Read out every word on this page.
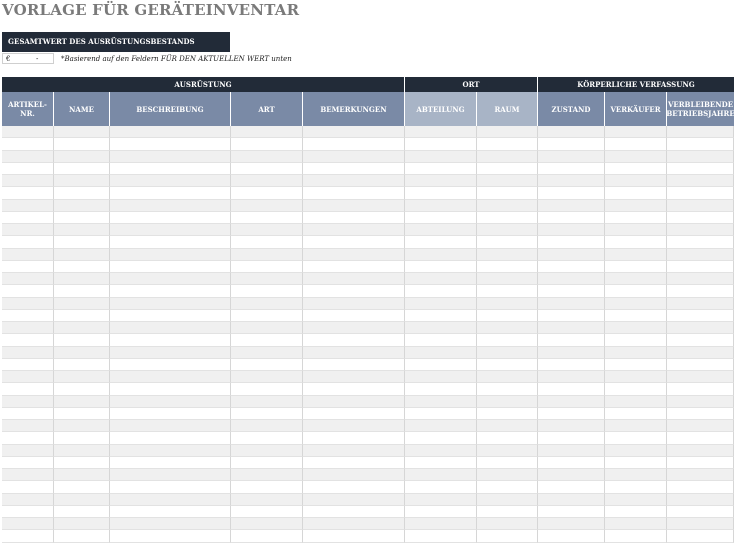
VORLAGE FÜR GERÄTEINVENTAR
GESAMTWERT DES AUSRÜSTUNGSBESTANDS
€	-	*Basierend auf den Feldern FÜR DEN AKTUELLEN WERT unten
AUSRÜSTUNG	ORT	KÖRPERLICHE VERFASSUNG
ARTIKEL-NR.	NAME	BESCHREIBUNG	ART	BEMERKUNGEN	ABTEILUNG	RAUM	ZUSTAND	VERKÄUFER	VERBLEIBENDE BETRIEBSJAHRE
